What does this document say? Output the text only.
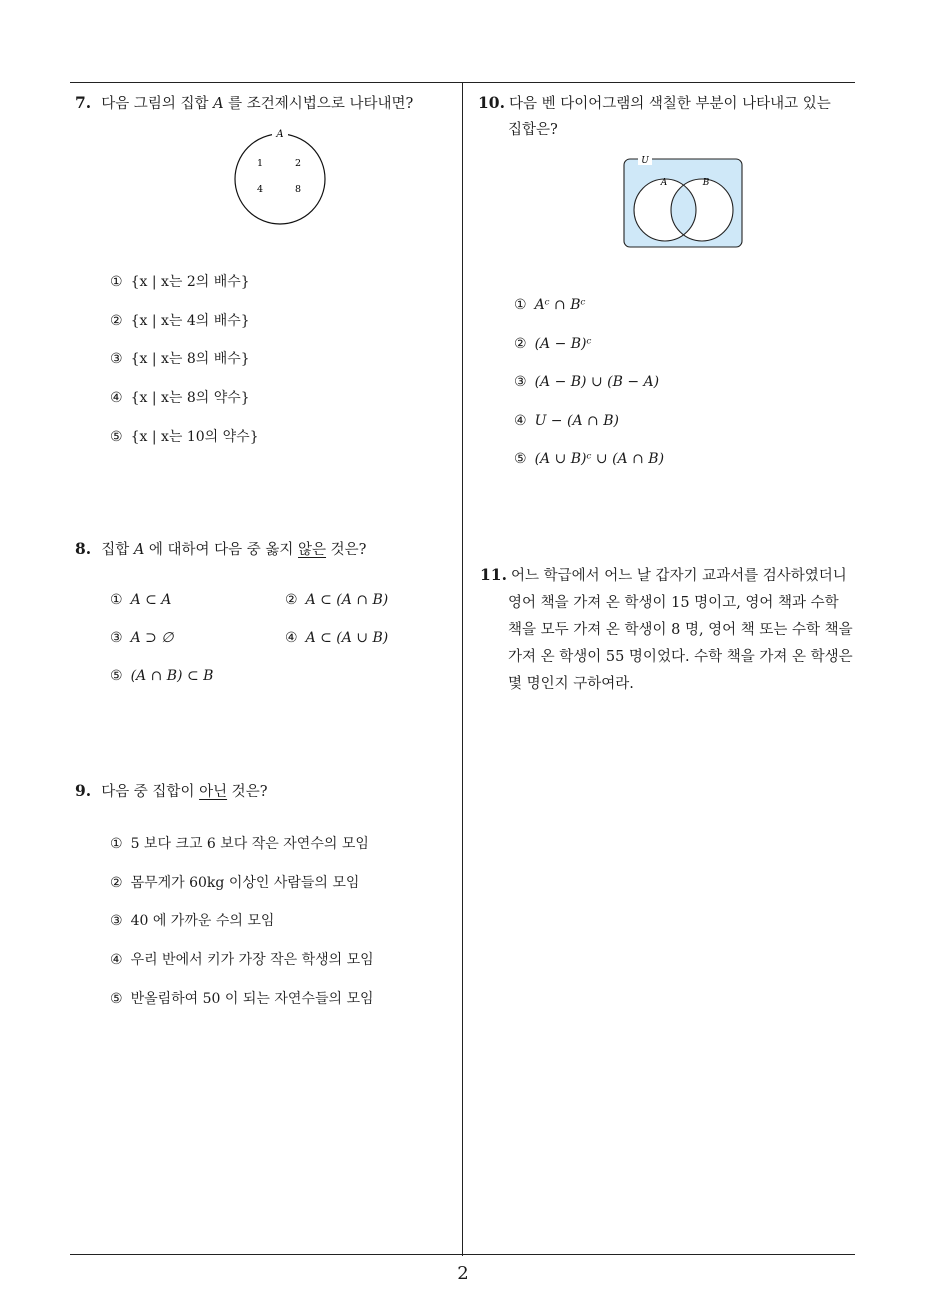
2
7. 다음 그림의 집합 A 를 조건제시법으로 나타내면?
A
1	2
4	8
① {x | x는 2의 배수}
② {x | x는 4의 배수}
③ {x | x는 8의 배수}
④ {x | x는 8의 약수}
⑤ {x | x는 10의 약수}
8. 집합 A 에 대하여 다음 중 옳지 않은 것은?
① A ⊂ A	② A ⊂ (A ∩ B)
③ A ⊃ ∅	④ A ⊂ (A ∪ B)
⑤ (A ∩ B) ⊂ B
9. 다음 중 집합이 아닌 것은?
① 5 보다 크고 6 보다 작은 자연수의 모임
② 몸무게가 60kg 이상인 사람들의 모임
③ 40 에 가까운 수의 모임
④ 우리 반에서 키가 가장 작은 학생의 모임
⑤ 반올림하여 50 이 되는 자연수들의 모임
10. 다음 벤 다이어그램의 색칠한 부분이 나타내고 있는
집합은?
U
A	B
① Aᶜ ∩ Bᶜ
② (A − B)ᶜ
③ (A − B) ∪ (B − A)
④ U − (A ∩ B)
⑤ (A ∪ B)ᶜ ∪ (A ∩ B)
11. 어느 학급에서 어느 날 갑자기 교과서를 검사하였더니
영어 책을 가져 온 학생이 15 명이고, 영어 책과 수학
책을 모두 가져 온 학생이 8 명, 영어 책 또는 수학 책을
가져 온 학생이 55 명이었다. 수학 책을 가져 온 학생은
몇 명인지 구하여라.
